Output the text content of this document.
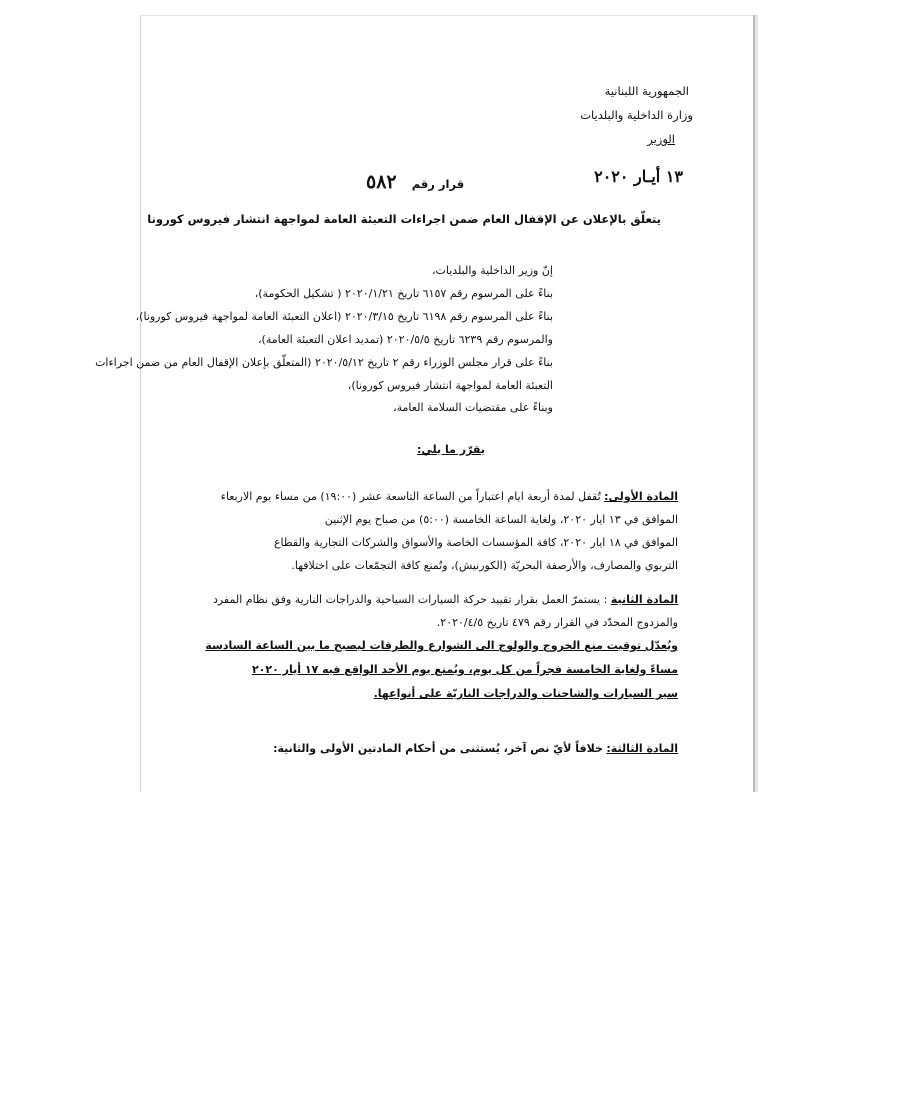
الجمهورية اللبنانية
وزارة الداخلية والبلديات
الوزير
قرار رقم ٥٨٢	١٣ أيـار ٢٠٢٠
يتعلّق بالإعلان عن الإقفال العام ضمن اجراءات التعبئة العامة لمواجهة انتشار فيروس كورونا
إنّ وزير الداخلية والبلديات،
بناءً على المرسوم رقم ٦١٥٧ تاريخ ٢٠٢٠/١/٢١ ( تشكيل الحكومة)،
بناءً على المرسوم رقم ٦١٩٨ تاريخ ٢٠٢٠/٣/١٥ (اعلان التعبئة العامة لمواجهة فيروس كورونا)،
والمرسوم رقم ٦٢٣٩ تاريخ ٢٠٢٠/٥/٥ (تمديد اعلان التعبئة العامة)،
بناءً على قرار مجلس الوزراء رقم ٢ تاريخ ٢٠٢٠/٥/١٢ (المتعلّق بإعلان الإقفال العام من ضمن اجراءات
التعبئة العامة لمواجهة انتشار فيروس كورونا)،
وبناءً على مقتضيات السلامة العامة،
يقرّر ما يلي:
المادة الأولى: تُقفل لمدة أربعة ايام اعتباراً من الساعة التاسعة عشر (١٩:٠٠) من مساء يوم الاربعاء
الموافق في ١٣ ايار ٢٠٢٠، ولغاية الساعة الخامسة (٥:٠٠) من صباح يوم الإثنين
الموافق في ١٨ ايار ٢٠٢٠، كافة المؤسسات الخاصة والأسواق والشركات التجارية والقطاع
التربوي والمصارف، والأرصفة البحريّة (الكورنيش)، وتُمنع كافة التجمّعات على اختلافها.
المادة الثانية : يستمرّ العمل بقرار تقييد حركة السيارات السياحية والدراجات النارية وفق نظام المفرد
والمزدوج المحدّد في القرار رقم ٤٧٩ تاريخ ٢٠٢٠/٤/٥.
ويُعدّل توقيت منع الخروج والولوج الى الشوارع والطرقات ليصبح ما بين الساعة السادسة
مساءً ولغاية الخامسة فجراً من كل يوم، ويُمنع يوم الأحد الواقع فيه ١٧ أيار ٢٠٢٠
سير السيارات والشاحنات والدراجات الناريّة على أنواعها.
المادة الثالثة: خلافاً لأيّ نص آخر، يُستثنى من أحكام المادتين الأولى والثانية:
